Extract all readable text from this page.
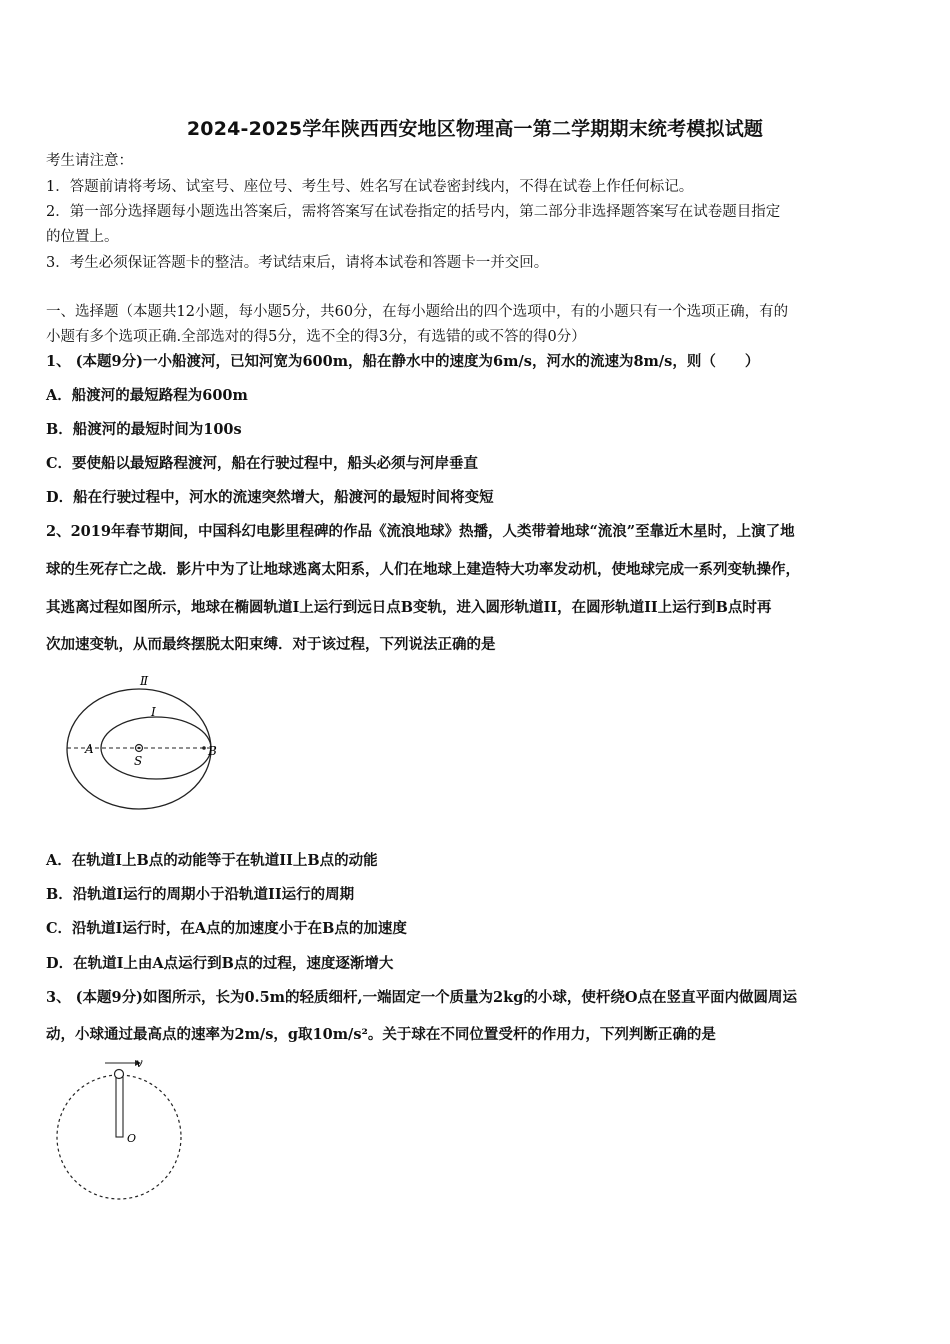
2024-2025学年陕西西安地区物理高一第二学期期末统考模拟试题
考生请注意：
1．答题前请将考场、试室号、座位号、考生号、姓名写在试卷密封线内，不得在试卷上作任何标记。
2．第一部分选择题每小题选出答案后，需将答案写在试卷指定的括号内，第二部分非选择题答案写在试卷题目指定
的位置上。
3．考生必须保证答题卡的整洁。考试结束后，请将本试卷和答题卡一并交回。
一、选择题（本题共12小题，每小题5分，共60分，在每小题给出的四个选项中，有的小题只有一个选项正确，有的
小题有多个选项正确.全部选对的得5分，选不全的得3分，有选错的或不答的得0分）
1、 (本题9分)一小船渡河，已知河宽为600m，船在静水中的速度为6m/s，河水的流速为8m/s，则（　　）
A．船渡河的最短路程为600m
B．船渡河的最短时间为100s
C．要使船以最短路程渡河，船在行驶过程中，船头必须与河岸垂直
D．船在行驶过程中，河水的流速突然增大，船渡河的最短时间将变短
2、2019年春节期间，中国科幻电影里程碑的作品《流浪地球》热播，人类带着地球“流浪”至靠近木星时，上演了地
球的生死存亡之战．影片中为了让地球逃离太阳系，人们在地球上建造特大功率发动机，使地球完成一系列变轨操作，
其逃离过程如图所示，地球在椭圆轨道I上运行到远日点B变轨，进入圆形轨道II，在圆形轨道II上运行到B点时再
次加速变轨，从而最终摆脱太阳束缚．对于该过程，下列说法正确的是
Ⅱ
I
A	B
S
A．在轨道I上B点的动能等于在轨道II上B点的动能
B．沿轨道I运行的周期小于沿轨道II运行的周期
C．沿轨道I运行时，在A点的加速度小于在B点的加速度
D．在轨道I上由A点运行到B点的过程，速度逐渐增大
3、 (本题9分)如图所示，长为0.5m的轻质细杆,一端固定一个质量为2kg的小球，使杆绕O点在竖直平面内做圆周运
动，小球通过最高点的速率为2m/s，g取10m/s²。关于球在不同位置受杆的作用力，下列判断正确的是
v
O
